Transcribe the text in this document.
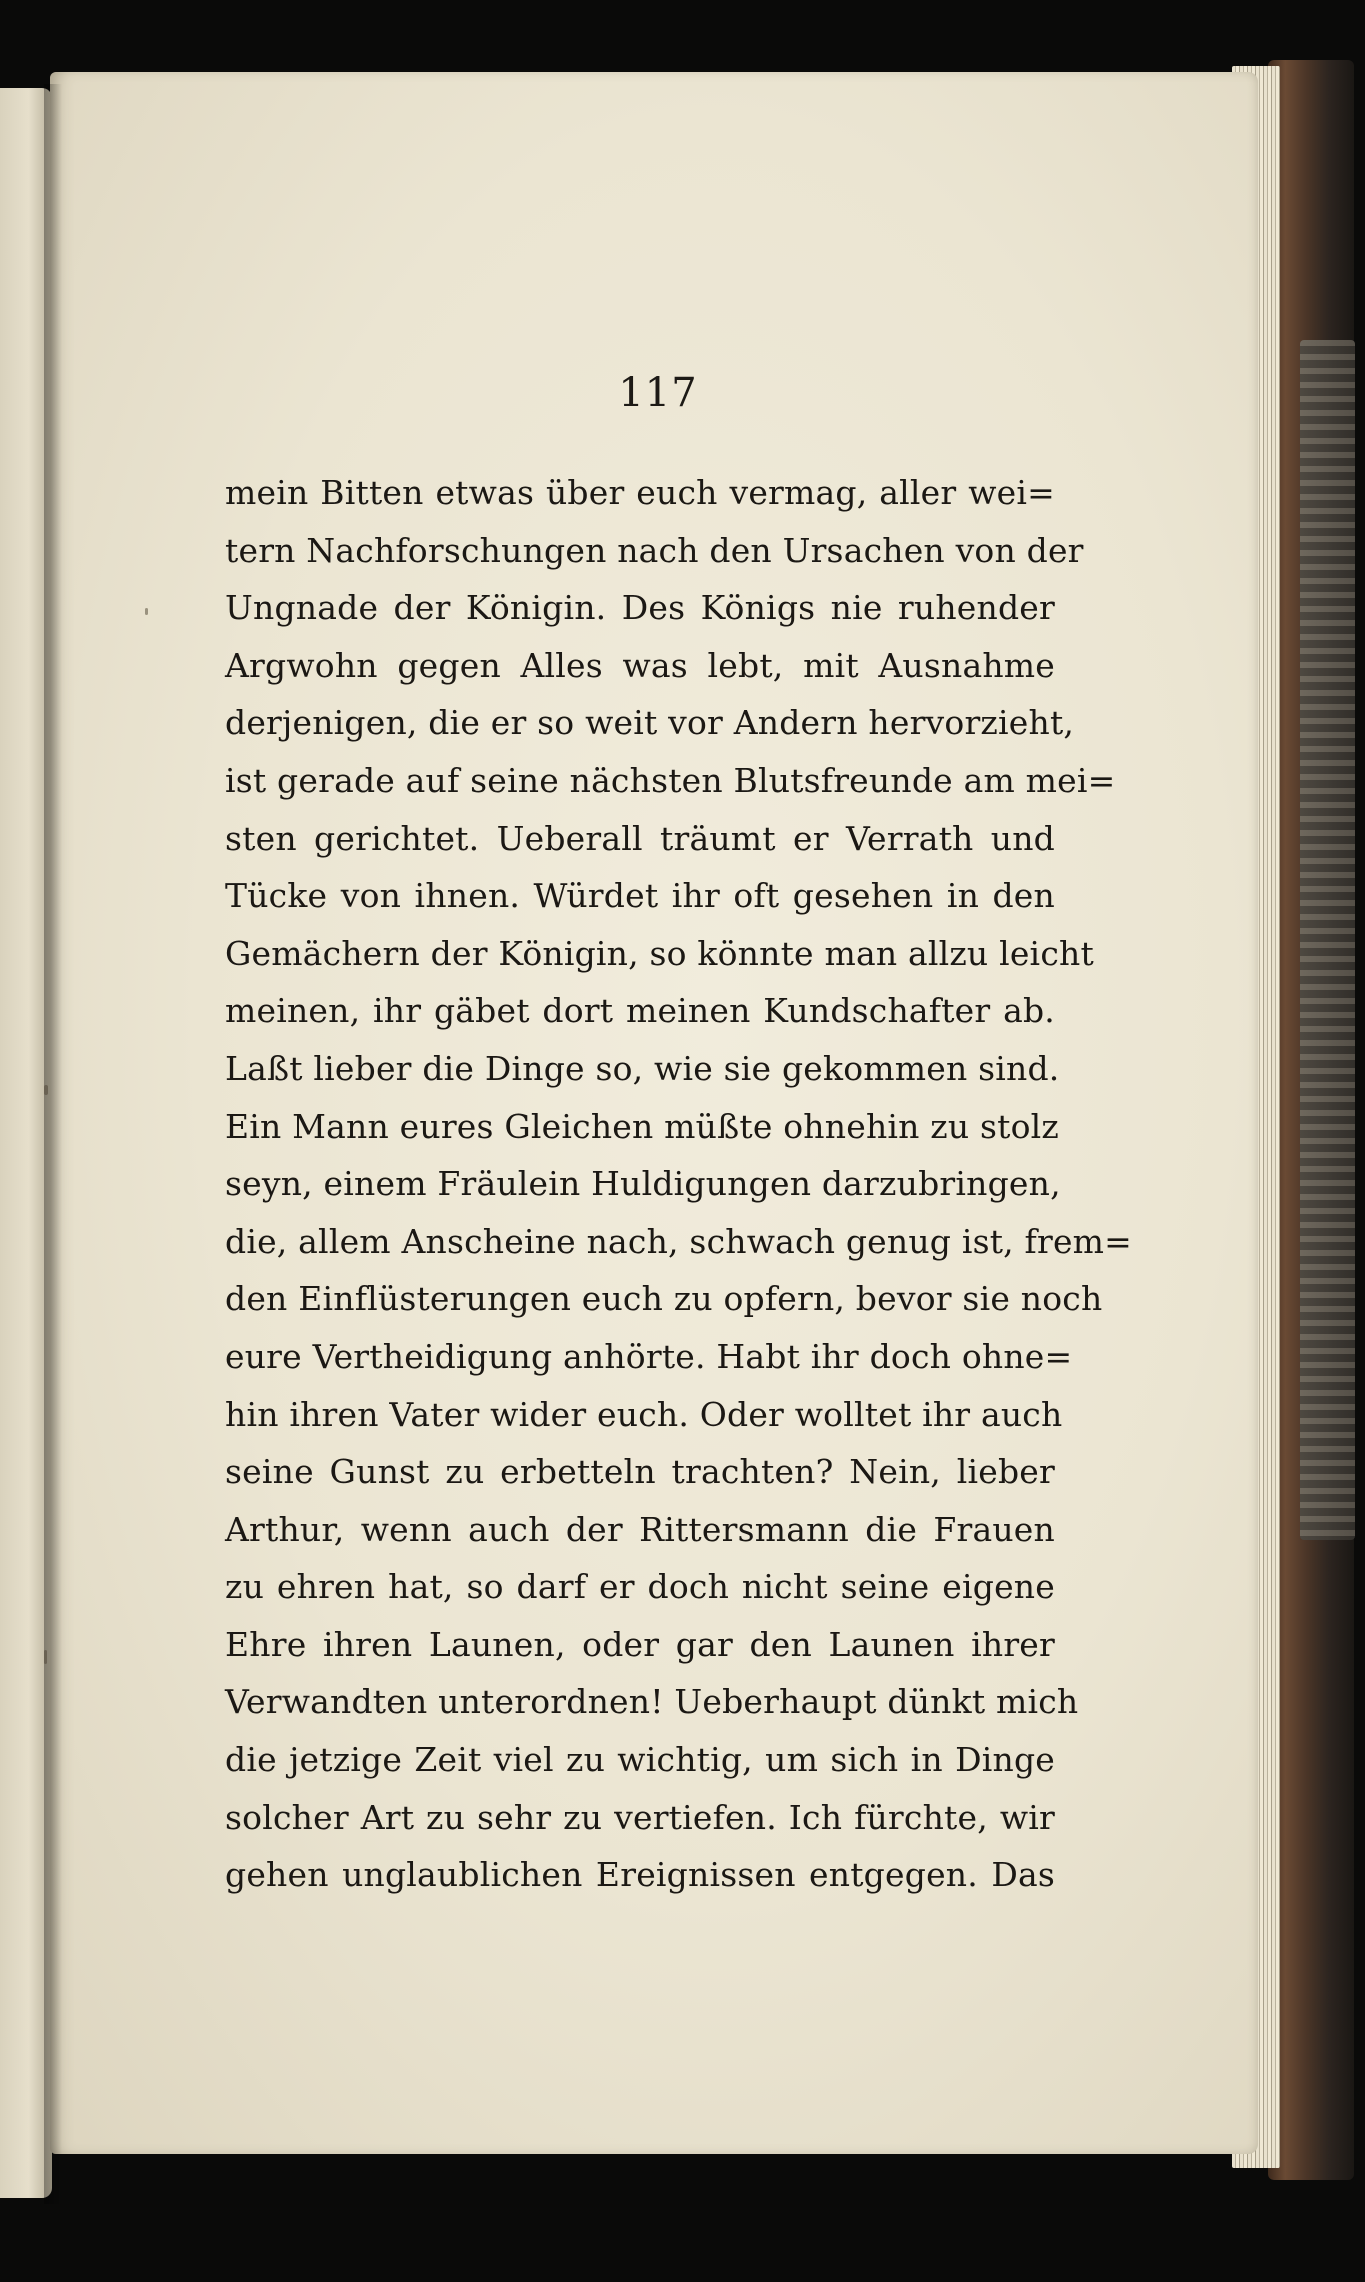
117
mein Bitten etwas über euch vermag, aller wei=
tern Nachforschungen nach den Ursachen von der
Ungnade der Königin. Des Königs nie ruhender
Argwohn gegen Alles was lebt, mit Ausnahme
derjenigen, die er so weit vor Andern hervorzieht,
ist gerade auf seine nächsten Blutsfreunde am mei=
sten gerichtet. Ueberall träumt er Verrath und
Tücke von ihnen. Würdet ihr oft gesehen in den
Gemächern der Königin, so könnte man allzu leicht
meinen, ihr gäbet dort meinen Kundschafter ab.
Laßt lieber die Dinge so, wie sie gekommen sind.
Ein Mann eures Gleichen müßte ohnehin zu stolz
seyn, einem Fräulein Huldigungen darzubringen,
die, allem Anscheine nach, schwach genug ist, frem=
den Einflüsterungen euch zu opfern, bevor sie noch
eure Vertheidigung anhörte. Habt ihr doch ohne=
hin ihren Vater wider euch. Oder wolltet ihr auch
seine Gunst zu erbetteln trachten? Nein, lieber
Arthur, wenn auch der Rittersmann die Frauen
zu ehren hat, so darf er doch nicht seine eigene
Ehre ihren Launen, oder gar den Launen ihrer
Verwandten unterordnen! Ueberhaupt dünkt mich
die jetzige Zeit viel zu wichtig, um sich in Dinge
solcher Art zu sehr zu vertiefen. Ich fürchte, wir
gehen unglaublichen Ereignissen entgegen. Das
